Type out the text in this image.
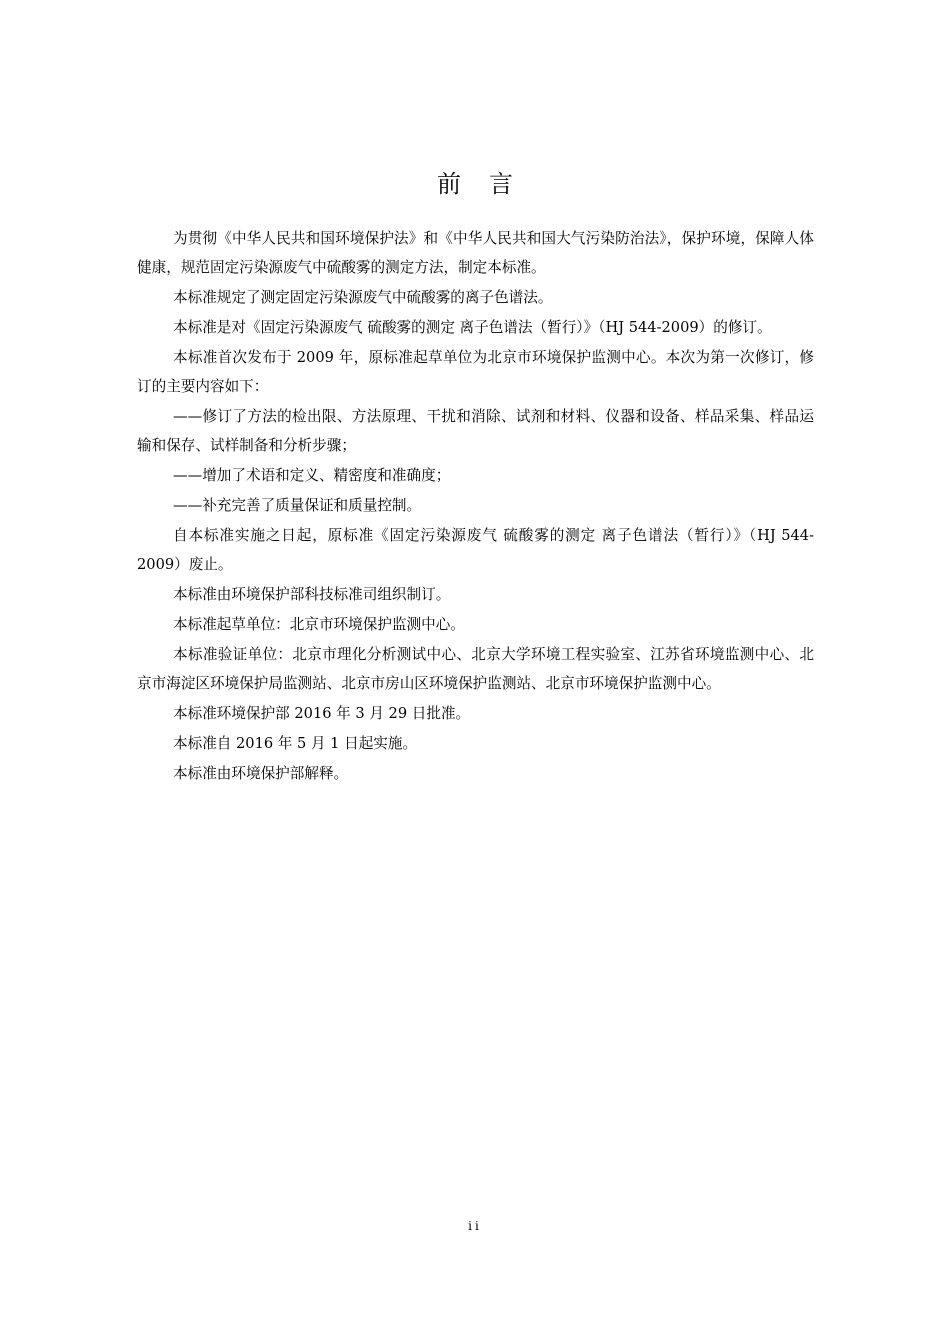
前言

为贯彻《中华人民共和国环境保护法》和《中华人民共和国大气污染防治法》，保护环境，保障人体健康，规范固定污染源废气中硫酸雾的测定方法，制定本标准。

本标准规定了测定固定污染源废气中硫酸雾的离子色谱法。

本标准是对《固定污染源废气 硫酸雾的测定 离子色谱法（暂行）》（HJ 544-2009）的修订。

本标准首次发布于 2009 年，原标准起草单位为北京市环境保护监测中心。本次为第一次修订，修订的主要内容如下：

——修订了方法的检出限、方法原理、干扰和消除、试剂和材料、仪器和设备、样品采集、样品运输和保存、试样制备和分析步骤；

——增加了术语和定义、精密度和准确度；

——补充完善了质量保证和质量控制。

自本标准实施之日起，原标准《固定污染源废气 硫酸雾的测定 离子色谱法（暂行）》（HJ 544-2009）废止。

本标准由环境保护部科技标准司组织制订。

本标准起草单位：北京市环境保护监测中心。

本标准验证单位：北京市理化分析测试中心、北京大学环境工程实验室、江苏省环境监测中心、北京市海淀区环境保护局监测站、北京市房山区环境保护监测站、北京市环境保护监测中心。

本标准环境保护部 2016 年 3 月 29 日批准。

本标准自 2016 年 5 月 1 日起实施。

本标准由环境保护部解释。

ii
